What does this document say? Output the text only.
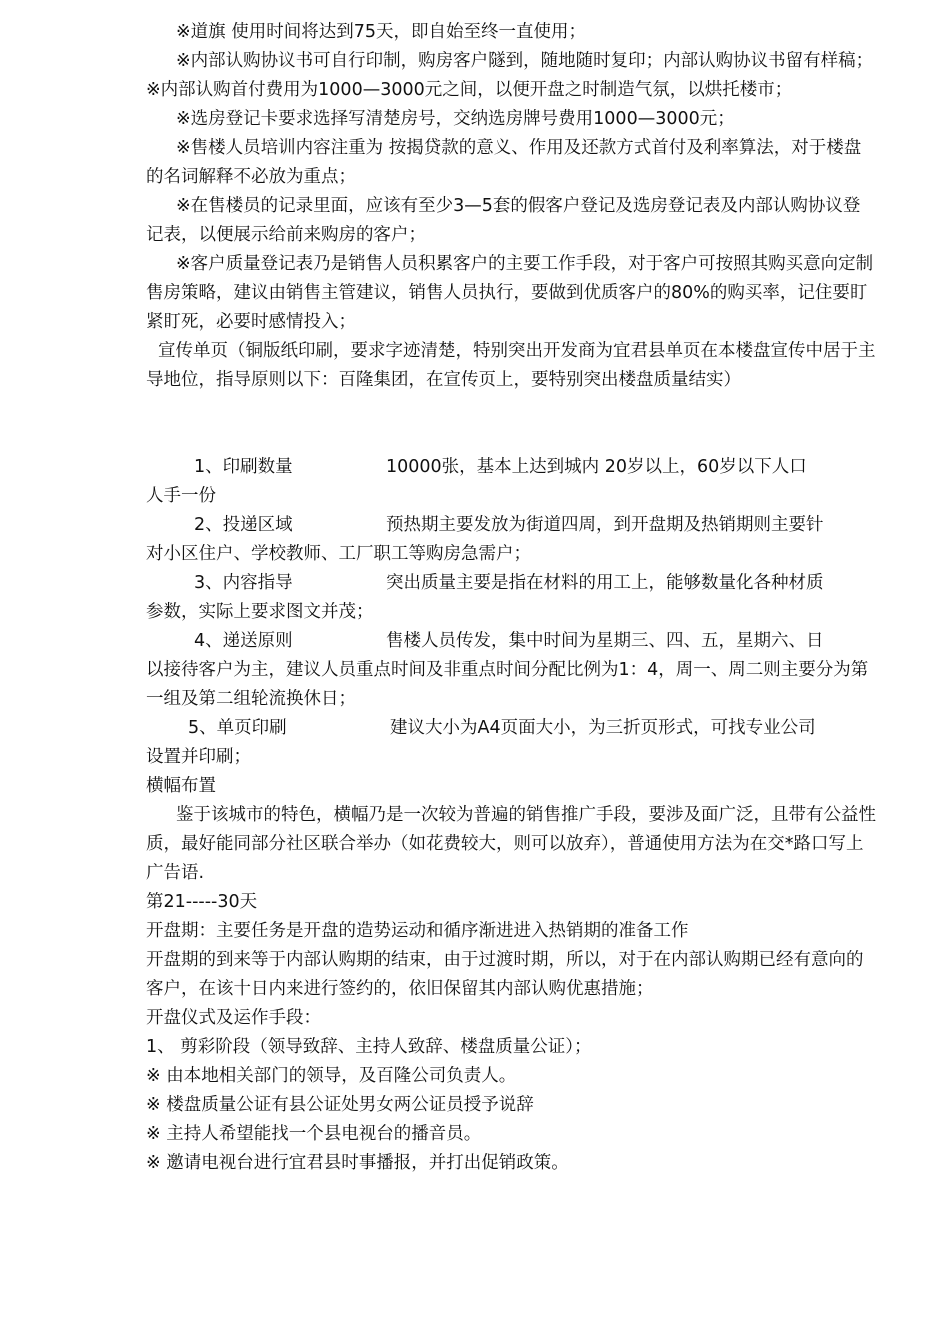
※道旗 使用时间将达到75天，即自始至终一直使用；

※内部认购协议书可自行印制，购房客户隧到，随地随时复印；内部认购协议书留有样稿；

※内部认购首付费用为1000—3000元之间，以便开盘之时制造气氛，以烘托楼市；

※选房登记卡要求选择写清楚房号，交纳选房牌号费用1000—3000元；

※售楼人员培训内容注重为 按揭贷款的意义、作用及还款方式首付及利率算法，对于楼盘的名词解释不必放为重点；

※在售楼员的记录里面，应该有至少3—5套的假客户登记及选房登记表及内部认购协议登记表，以便展示给前来购房的客户；

※客户质量登记表乃是销售人员积累客户的主要工作手段，对于客户可按照其购买意向定制售房策略，建议由销售主管建议，销售人员执行，要做到优质客户的80%的购买率，记住要盯紧盯死，必要时感情投入；

宣传单页（铜版纸印刷，要求字迹清楚，特别突出开发商为宜君县单页在本楼盘宣传中居于主导地位，指导原则以下：百隆集团，在宣传页上，要特别突出楼盘质量结实）

1、印刷数量	10000张，基本上达到城内 20岁以上，60岁以下人口
人手一份
2、投递区域	预热期主要发放为街道四周，到开盘期及热销期则主要针
对小区住户、学校教师、工厂职工等购房急需户；
3、内容指导	突出质量主要是指在材料的用工上，能够数量化各种材质
参数，实际上要求图文并茂；
4、递送原则	售楼人员传发，集中时间为星期三、四、五，星期六、日
以接待客户为主，建议人员重点时间及非重点时间分配比例为1：4，周一、周二则主要分为第一组及第二组轮流换休日；
5、单页印刷	建议大小为A4页面大小，为三折页形式，可找专业公司
设置并印刷；

横幅布置

鉴于该城市的特色，横幅乃是一次较为普遍的销售推广手段，要涉及面广泛，且带有公益性质，最好能同部分社区联合举办（如花费较大，则可以放弃），普通使用方法为在交*路口写上广告语.

第21-----30天

开盘期：主要任务是开盘的造势运动和循序渐进进入热销期的准备工作

开盘期的到来等于内部认购期的结束，由于过渡时期，所以，对于在内部认购期已经有意向的客户，在该十日内来进行签约的，依旧保留其内部认购优惠措施；

开盘仪式及运作手段：

1、 剪彩阶段（领导致辞、主持人致辞、楼盘质量公证）；

※ 由本地相关部门的领导，及百隆公司负责人。

※ 楼盘质量公证有县公证处男女两公证员授予说辞

※ 主持人希望能找一个县电视台的播音员。

※ 邀请电视台进行宜君县时事播报，并打出促销政策。
